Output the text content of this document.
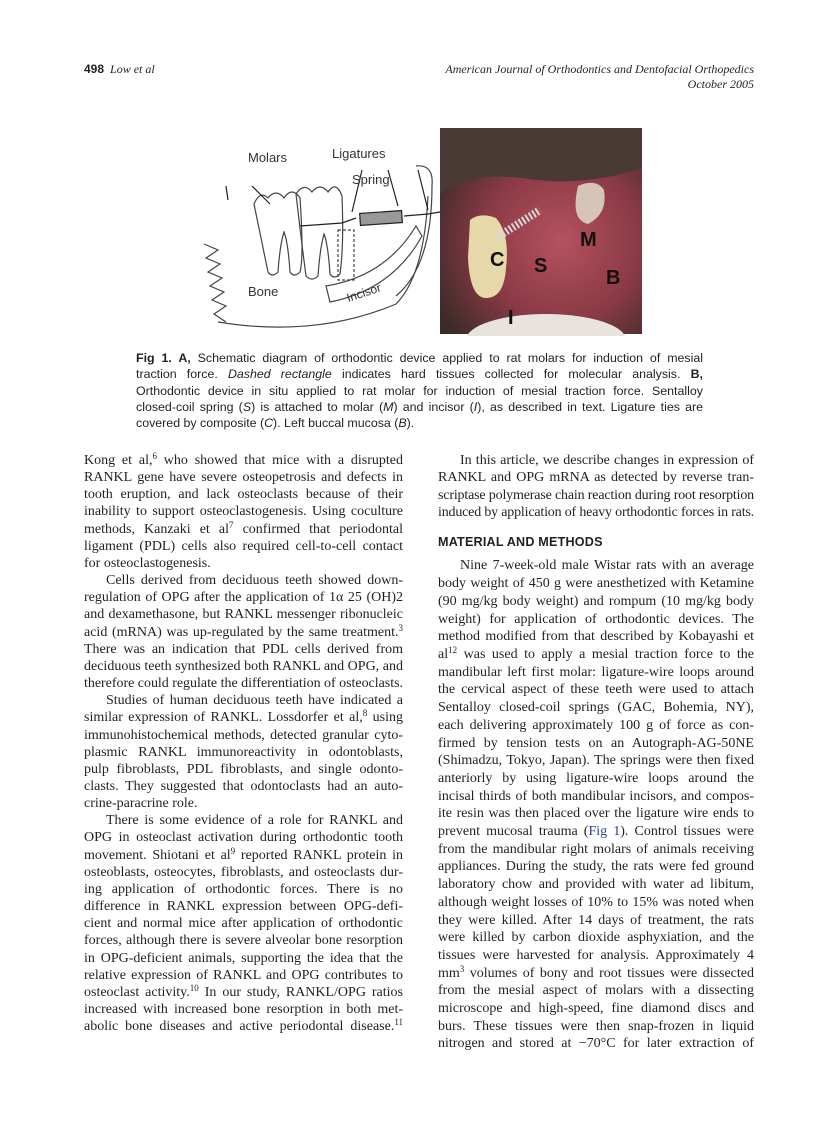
498 Low et al	American Journal of Orthodontics and Dentofacial Orthopedics
October 2005
Molars	Ligatures
Spring
Bone	Incisor
C S
M
B
I
Fig 1. A, Schematic diagram of orthodontic device applied to rat molars for induction of mesial
traction force. Dashed rectangle indicates hard tissues collected for molecular analysis. B,
Orthodontic device in situ applied to rat molar for induction of mesial traction force. Sentalloy
closed-coil spring (S) is attached to molar (M) and incisor (I), as described in text. Ligature ties are
covered by composite (C). Left buccal mucosa (B).
Kong et al,$^6$ who showed that mice with a disrupted
RANKL gene have severe osteopetrosis and defects in
tooth eruption, and lack osteoclasts because of their
inability to support osteoclastogenesis. Using coculture
methods, Kanzaki et $al^7$ confirmed that periodontal
ligament (PDL) cells also required cell-to-cell contact
for osteoclastogenesis.
Cells derived from deciduous teeth showed down-
regulation of OPG after the application of 1α 25 (OH)2
and dexamethasone, but RANKL messenger ribonucleic
acid (mRNA) was up-regulated by the same treatment.$^3$
There was an indication that PDL cells derived from
deciduous teeth synthesized both RANKL and OPG, and
therefore could regulate the differentiation of osteoclasts.
Studies of human deciduous teeth have indicated a
similar expression of RANKL. Lossdorfer et al,$^8$ using
immunohistochemical methods, detected granular cyto-
plasmic RANKL immunoreactivity in odontoblasts,
pulp fibroblasts, PDL fibroblasts, and single odonto-
clasts. They suggested that odontoclasts had an auto-
crine-paracrine role.
There is some evidence of a role for RANKL and
OPG in osteoclast activation during orthodontic tooth
movement. Shiotani et $al^9$ reported RANKL protein in
osteoblasts, osteocytes, fibroblasts, and osteoclasts dur-
ing application of orthodontic forces. There is no
difference in RANKL expression between OPG-defi-
cient and normal mice after application of orthodontic
forces, although there is severe alveolar bone resorption
in OPG-deficient animals, supporting the idea that the
relative expression of RANKL and OPG contributes to
osteoclast activity.$^{10}$ In our study, RANKL/OPG ratios
increased with increased bone resorption in both met-
abolic bone diseases and active periodontal disease.$^{11}$
In this article, we describe changes in expression of
RANKL and OPG mRNA as detected by reverse tran-
scriptase polymerase chain reaction during root resorption
induced by application of heavy orthodontic forces in rats.
MATERIAL AND METHODS
Nine 7-week-old male Wistar rats with an average
body weight of 450 g were anesthetized with Ketamine
(90 mg/kg body weight) and rompum (10 mg/kg body
weight) for application of orthodontic devices. The
method modified from that described by Kobayashi et
$al^{12}$ was used to apply a mesial traction force to the
mandibular left first molar: ligature-wire loops around
the cervical aspect of these teeth were used to attach
Sentalloy closed-coil springs (GAC, Bohemia, NY),
each delivering approximately 100 g of force as con-
firmed by tension tests on an Autograph-AG-50NE
(Shimadzu, Tokyo, Japan). The springs were then fixed
anteriorly by using ligature-wire loops around the
incisal thirds of both mandibular incisors, and compos-
ite resin was then placed over the ligature wire ends to
prevent mucosal trauma (Fig 1). Control tissues were
from the mandibular right molars of animals receiving
appliances. During the study, the rats were fed ground
laboratory chow and provided with water ad libitum,
although weight losses of 10% to 15% was noted when
they were killed. After 14 days of treatment, the rats
were killed by carbon dioxide asphyxiation, and the
tissues were harvested for analysis. Approximately 4
$mm^3$ volumes of bony and root tissues were dissected
from the mesial aspect of molars with a dissecting
microscope and high-speed, fine diamond discs and
burs. These tissues were then snap-frozen in liquid
nitrogen and stored at −70°C for later extraction of
